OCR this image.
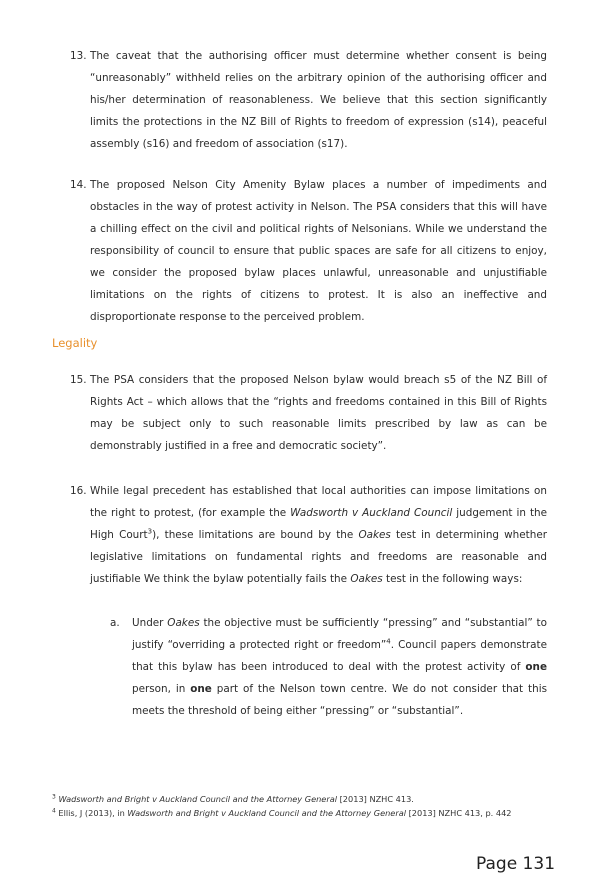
13. The caveat that the authorising officer must determine whether consent is being “unreasonably” withheld relies on the arbitrary opinion of the authorising officer and his/her determination of reasonableness. We believe that this section significantly limits the protections in the NZ Bill of Rights to freedom of expression (s14), peaceful assembly (s16) and freedom of association (s17).
14. The proposed Nelson City Amenity Bylaw places a number of impediments and obstacles in the way of protest activity in Nelson. The PSA considers that this will have a chilling effect on the civil and political rights of Nelsonians. While we understand the responsibility of council to ensure that public spaces are safe for all citizens to enjoy, we consider the proposed bylaw places unlawful, unreasonable and unjustifiable limitations on the rights of citizens to protest. It is also an ineffective and disproportionate response to the perceived problem.
Legality
15. The PSA considers that the proposed Nelson bylaw would breach s5 of the NZ Bill of Rights Act – which allows that the “rights and freedoms contained in this Bill of Rights may be subject only to such reasonable limits prescribed by law as can be demonstrably justified in a free and democratic society”.
16. While legal precedent has established that local authorities can impose limitations on the right to protest, (for example the Wadsworth v Auckland Council judgement in the High Court$^3$), these limitations are bound by the Oakes test in determining whether legislative limitations on fundamental rights and freedoms are reasonable and justifiable We think the bylaw potentially fails the Oakes test in the following ways:
a. Under Oakes the objective must be sufficiently “pressing” and “substantial” to justify “overriding a protected right or freedom”$^4$. Council papers demonstrate that this bylaw has been introduced to deal with the protest activity of one person, in one part of the Nelson town centre. We do not consider that this meets the threshold of being either “pressing” or “substantial”.
$^3$ Wadsworth and Bright v Auckland Council and the Attorney General [2013] NZHC 413.
$^4$ Ellis, J (2013), in Wadsworth and Bright v Auckland Council and the Attorney General [2013] NZHC 413, p. 442
Page 131
